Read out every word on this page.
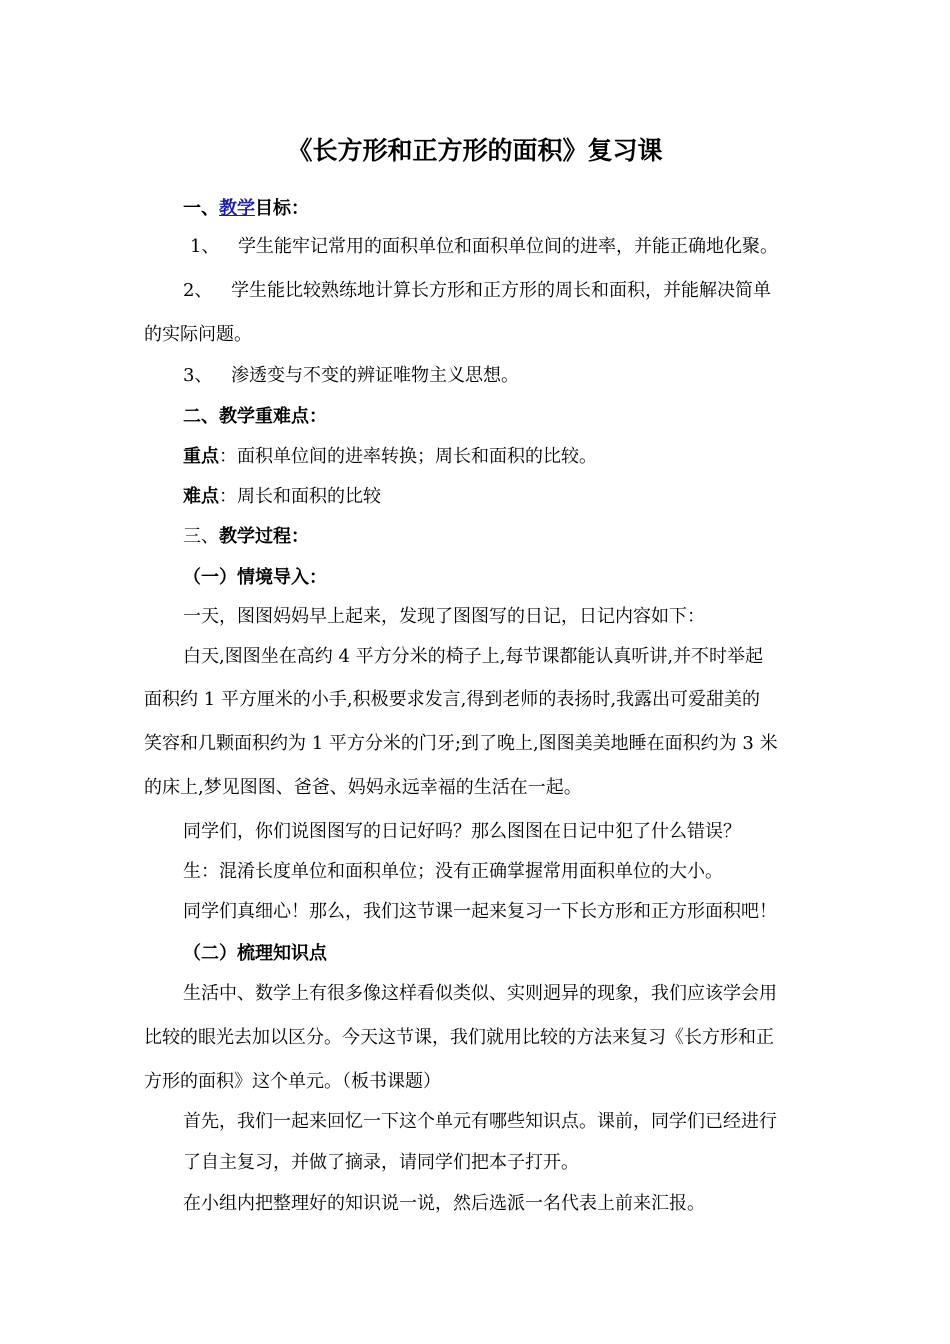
《长方形和正方形的面积》复习课
一、教学目标：
1、 学生能牢记常用的面积单位和面积单位间的进率，并能正确地化聚。
2、 学生能比较熟练地计算长方形和正方形的周长和面积，并能解决简单
的实际问题。
3、 渗透变与不变的辨证唯物主义思想。
二、教学重难点：
重点：面积单位间的进率转换；周长和面积的比较。
难点：周长和面积的比较
三、教学过程：
（一）情境导入：
一天，图图妈妈早上起来，发现了图图写的日记，日记内容如下：
白天,图图坐在高约 4 平方分米的椅子上,每节课都能认真听讲,并不时举起
面积约 1 平方厘米的小手,积极要求发言,得到老师的表扬时,我露出可爱甜美的
笑容和几颗面积约为 1 平方分米的门牙;到了晚上,图图美美地睡在面积约为 3 米
的床上,梦见图图、爸爸、妈妈永远幸福的生活在一起。
同学们，你们说图图写的日记好吗？那么图图在日记中犯了什么错误？
生：混淆长度单位和面积单位；没有正确掌握常用面积单位的大小。
同学们真细心！那么，我们这节课一起来复习一下长方形和正方形面积吧！
（二）梳理知识点
生活中、数学上有很多像这样看似类似、实则迥异的现象，我们应该学会用
比较的眼光去加以区分。今天这节课，我们就用比较的方法来复习《长方形和正
方形的面积》这个单元。（板书课题）
首先，我们一起来回忆一下这个单元有哪些知识点。课前，同学们已经进行
了自主复习，并做了摘录，请同学们把本子打开。
在小组内把整理好的知识说一说，然后选派一名代表上前来汇报。
